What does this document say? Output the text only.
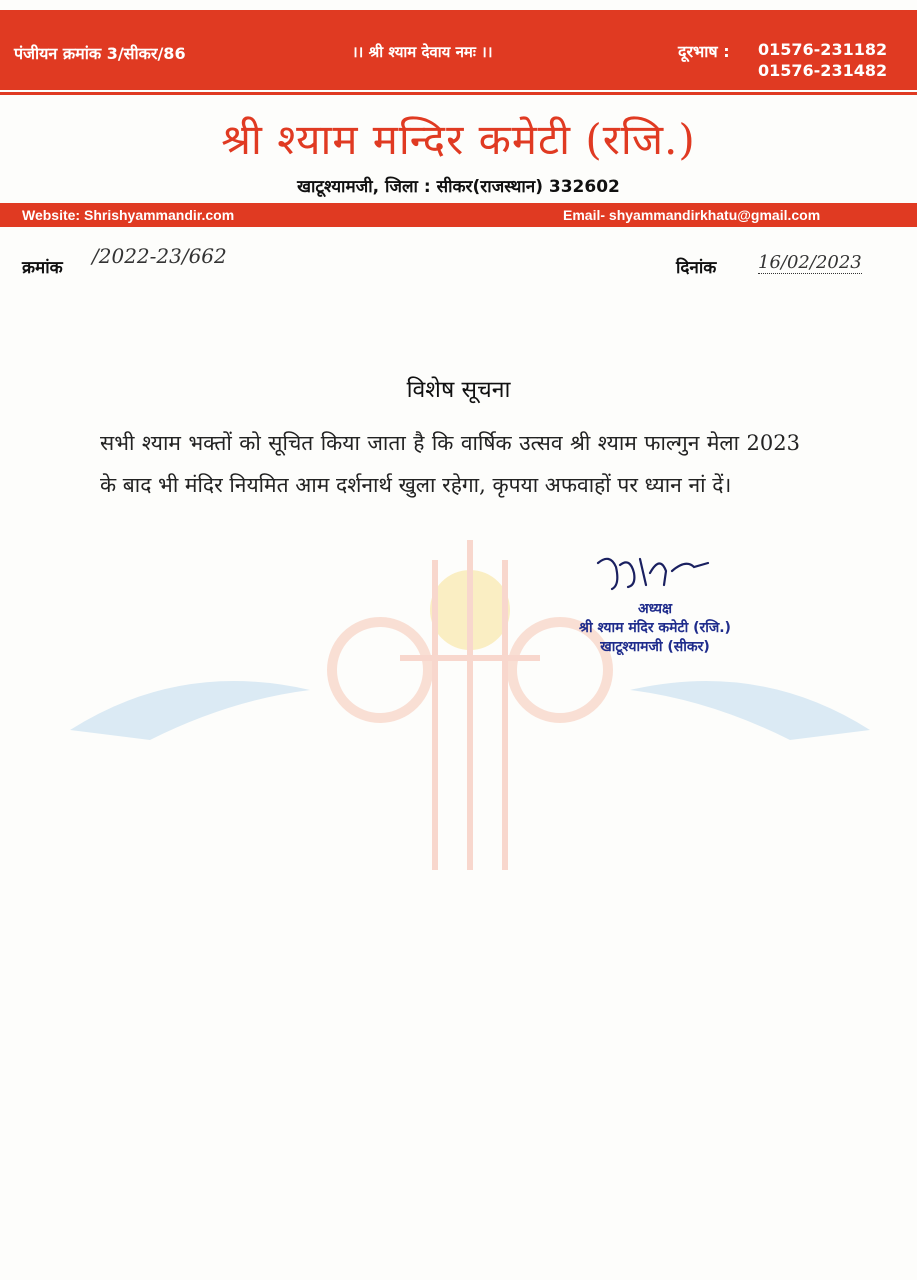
पंजीयन क्रमांक 3/सीकर/86	।। श्री श्याम देवाय नमः ।।	दूरभाष : 01576-231182
01576-231482
श्री श्याम मन्दिर कमेटी (रजि.)
खाटूश्यामजी, जिला : सीकर(राजस्थान) 332602
Website: Shrishyammandir.com	Email- shyammandirkhatu@gmail.com
क्रमांक /2022-23/662	दिनांक 16/02/2023
विशेष सूचना
सभी श्याम भक्तों को सूचित किया जाता है कि वार्षिक उत्सव श्री श्याम फाल्गुन मेला 2023 के बाद भी मंदिर नियमित आम दर्शनार्थ खुला रहेगा, कृपया अफवाहों पर ध्यान नां दें।
अध्यक्ष
श्री श्याम मंदिर कमेटी (रजि.)
खाटूश्यामजी (सीकर)
